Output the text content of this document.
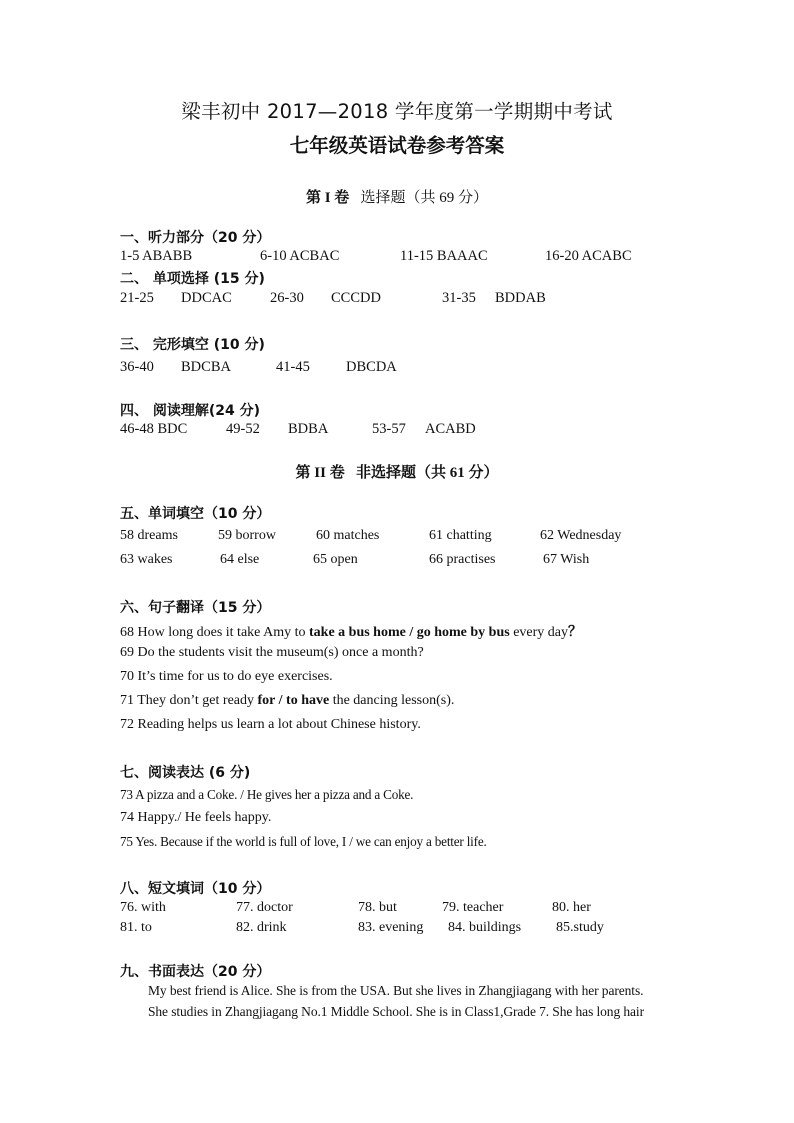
梁丰初中 2017—2018 学年度第一学期期中考试
七年级英语试卷参考答案
第 I 卷 选择题（共 69 分）
一、听力部分（20 分）
1-5 ABABB	6-10 ACBAC	11-15 BAAAC	16-20 ACABC
二、 单项选择 (15 分)
21-25 DDCAC	26-30 CCCDD	31-35 BDDAB
三、 完形填空 (10 分)
36-40 BDCBA	41-45 DBCDA
四、 阅读理解(24 分)
46-48 BDC	49-52 BDBA	53-57 ACABD
第 II 卷 非选择题（共 61 分）
五、单词填空（10 分）
58 dreams	59 borrow	60 matches	61 chatting	62 Wednesday
63 wakes	64 else	65 open	66 practises	67 Wish
六、句子翻译（15 分）
68 How long does it take Amy to take a bus home / go home by bus every day？
69 Do the students visit the museum(s) once a month?
70 It’s time for us to do eye exercises.
71 They don’t get ready for / to have the dancing lesson(s).
72 Reading helps us learn a lot about Chinese history.
七、阅读表达 (6 分)
73 A pizza and a Coke. / He gives her a pizza and a Coke.
74 Happy./ He feels happy.
75 Yes. Because if the world is full of love, I / we can enjoy a better life.
八、短文填词（10 分）
76. with	77. doctor	78. but	79. teacher	80. her
81. to	82. drink	83. evening 84. buildings 85.study
九、书面表达（20 分）
My best friend is Alice. She is from the USA. But she lives in Zhangjiagang with her parents.
She studies in Zhangjiagang No.1 Middle School. She is in Class1,Grade 7. She has long hair
